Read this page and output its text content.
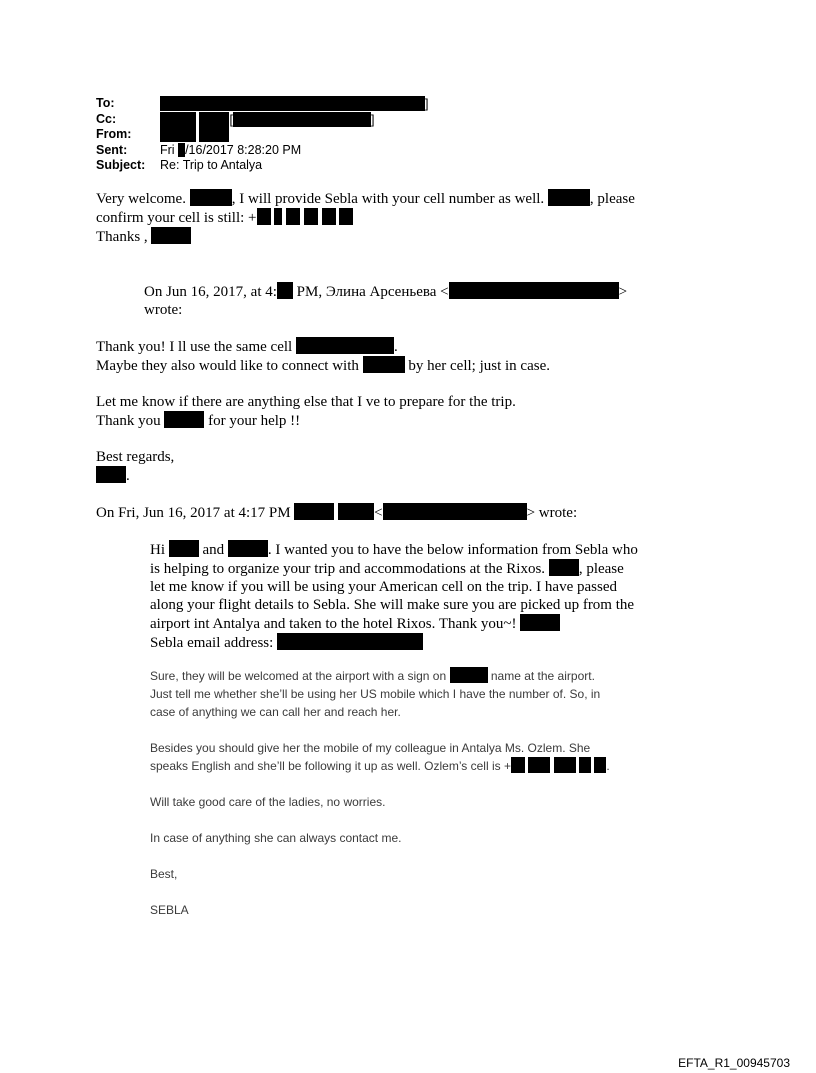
To:	]
Cc:	[	]
From:

Sent:	Fri /16/2017 8:28:20 PM
Subject: Re: Trip to Antalya

Very welcome.	, I will provide Sebla with your cell number as well.	, please

confirm your cell is still: +

Thanks ,

On Jun 16, 2017, at 4: PM, Элина Арсеньева <	>

wrote:

Thank you! I ll use the same cell	.

Maybe they also would like to connect with	by her cell; just in case.

Let me know if there are anything else that I ve to prepare for the trip.

Thank you	for your help !!

Best regards,

.

On Fri, Jun 16, 2017 at 4:17 PM	<	> wrote:

Hi	and	. I wanted you to have the below information from Sebla who

is helping to organize your trip and accommodations at the Rixos. , please

let me know if you will be using your American cell on the trip. I have passed

along your flight details to Sebla. She will make sure you are picked up from the

airport int Antalya and taken to the hotel Rixos. Thank you~!

Sebla email address:

Sure, they will be welcomed at the airport with a sign on	name at the airport.

Just tell me whether she’ll be using her US mobile which I have the number of. So, in

case of anything we can call her and reach her.

Besides you should give her the mobile of my colleague in Antalya Ms. Ozlem. She

speaks English and she’ll be following it up as well. Ozlem’s cell is +	.

Will take good care of the ladies, no worries.

In case of anything she can always contact me.

Best,

SEBLA

EFTA_R1_00945703
